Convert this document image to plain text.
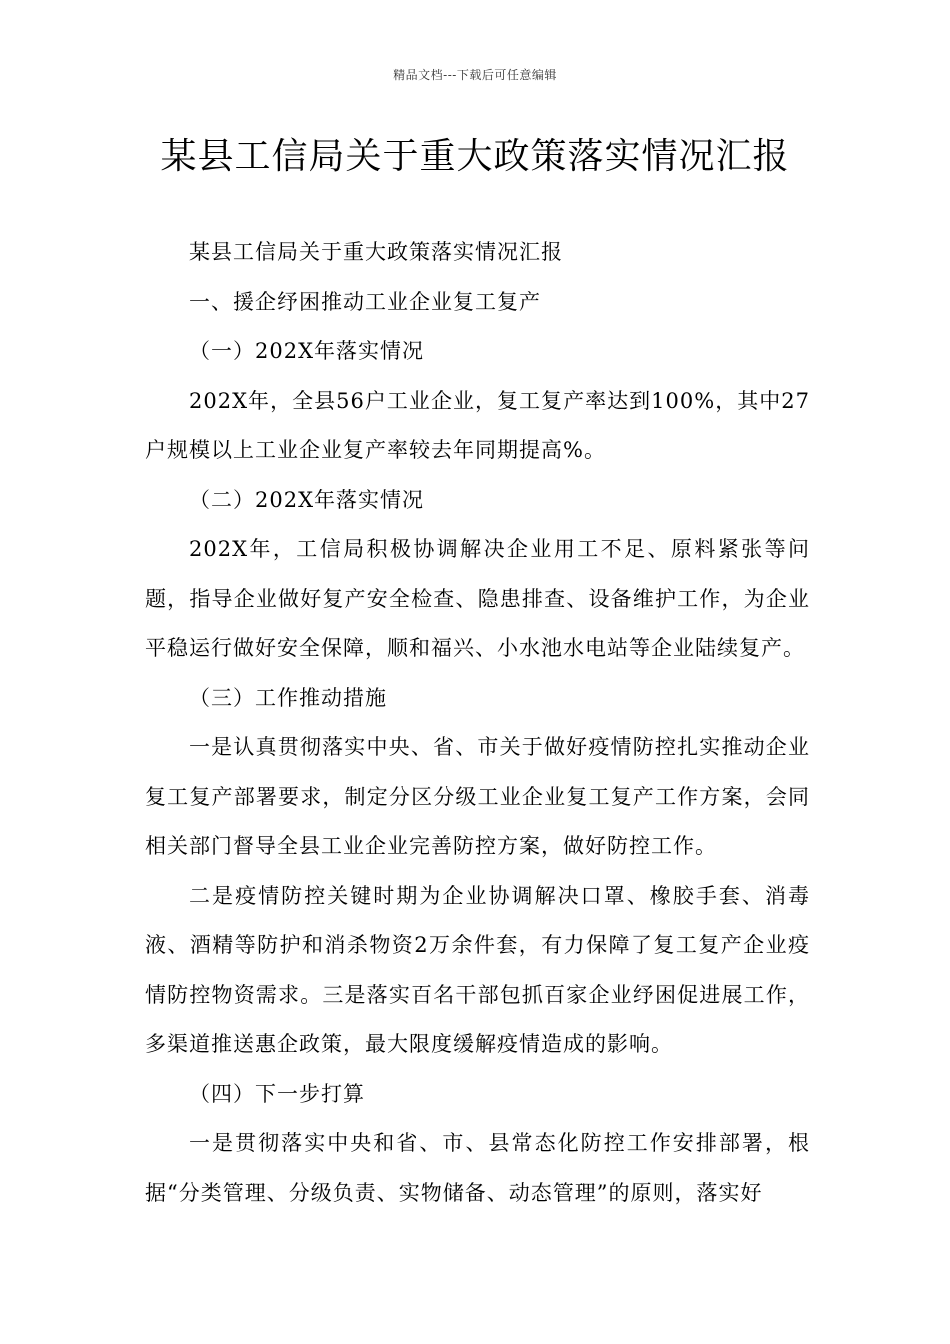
精品文档---下载后可任意编辑
某县工信局关于重大政策落实情况汇报

某县工信局关于重大政策落实情况汇报

一、援企纾困推动工业企业复工复产

（一）202X年落实情况

202X年，全县56户工业企业，复工复产率达到100%，其中27户规模以上工业企业复产率较去年同期提高%。

（二）202X年落实情况

202X年，工信局积极协调解决企业用工不足、原料紧张等问题，指导企业做好复产安全检查、隐患排查、设备维护工作，为企业平稳运行做好安全保障，顺和福兴、小水池水电站等企业陆续复产。

（三）工作推动措施

一是认真贯彻落实中央、省、市关于做好疫情防控扎实推动企业复工复产部署要求，制定分区分级工业企业复工复产工作方案，会同相关部门督导全县工业企业完善防控方案，做好防控工作。

二是疫情防控关键时期为企业协调解决口罩、橡胶手套、消毒液、酒精等防护和消杀物资2万余件套，有力保障了复工复产企业疫情防控物资需求。三是落实百名干部包抓百家企业纾困促进展工作，多渠道推送惠企政策，最大限度缓解疫情造成的影响。

（四）下一步打算

一是贯彻落实中央和省、市、县常态化防控工作安排部署，根据“分类管理、分级负责、实物储备、动态管理”的原则，落实好
